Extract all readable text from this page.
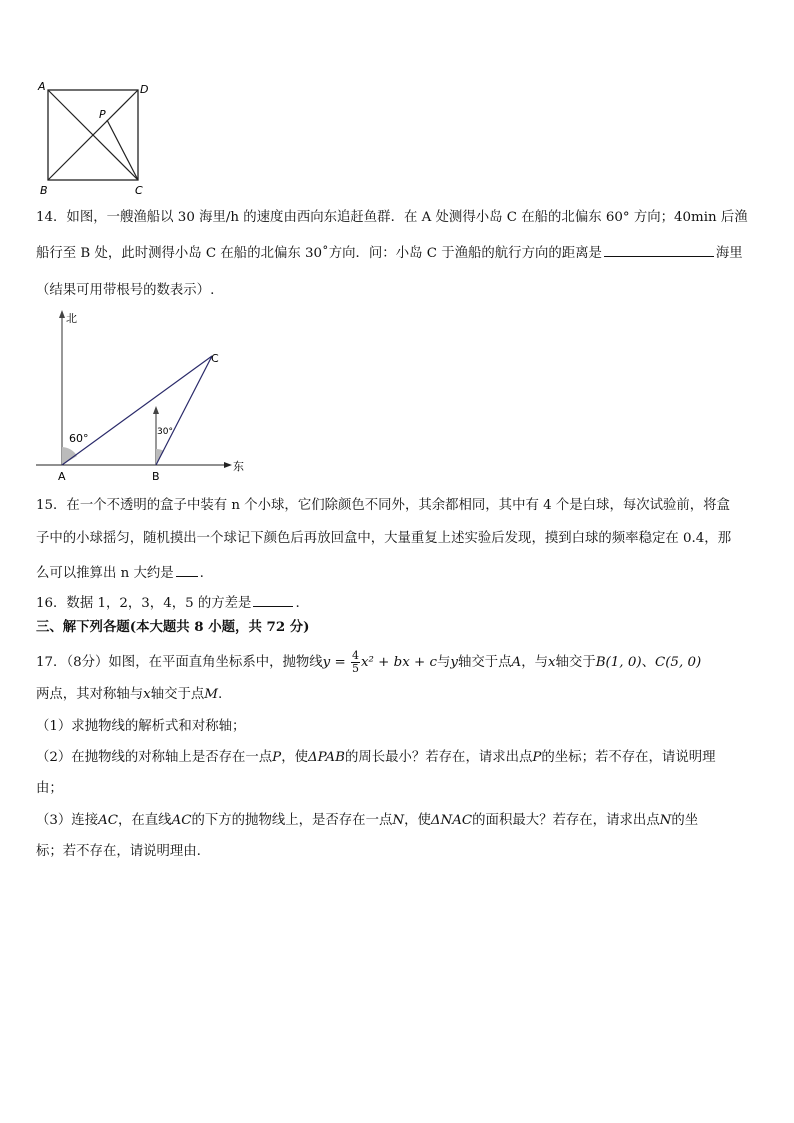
A	D
P
B	C
14．如图，一艘渔船以 30 海里/h 的速度由西向东追赶鱼群．在 A 处测得小岛 C 在船的北偏东 60° 方向；40min 后渔
船行至 B 处，此时测得小岛 C 在船的北偏东 30˚方向．问：小岛 C 于渔船的航行方向的距离是	海里
（结果可用带根号的数表示）.
北
东
60°	30°
A	B
C
15．在一个不透明的盒子中装有 n 个小球，它们除颜色不同外，其余都相同，其中有 4 个是白球，每次试验前，将盒
子中的小球摇匀，随机摸出一个球记下颜色后再放回盒中，大量重复上述实验后发现，摸到白球的频率稳定在 0.4，那
么可以推算出 n 大约是 .
16．数据 1，2，3，4，5 的方差是	.
三、解下列各题(本大题共 8 小题，共 72 分)
17．（8分）如图，在平面直角坐标系中，抛物线$y = \frac{4}{5} x^2$ + bx + c与y轴交于点A，与x轴交于B(1, 0)、C(5, 0)
两点，其对称轴与x轴交于点M.
（1）求抛物线的解析式和对称轴；
（2）在抛物线的对称轴上是否存在一点P，使ΔPAB的周长最小？若存在，请求出点P的坐标；若不存在，请说明理
由；
（3）连接AC，在直线AC的下方的抛物线上，是否存在一点N，使ΔNAC的面积最大？若存在，请求出点N的坐
标；若不存在，请说明理由.
